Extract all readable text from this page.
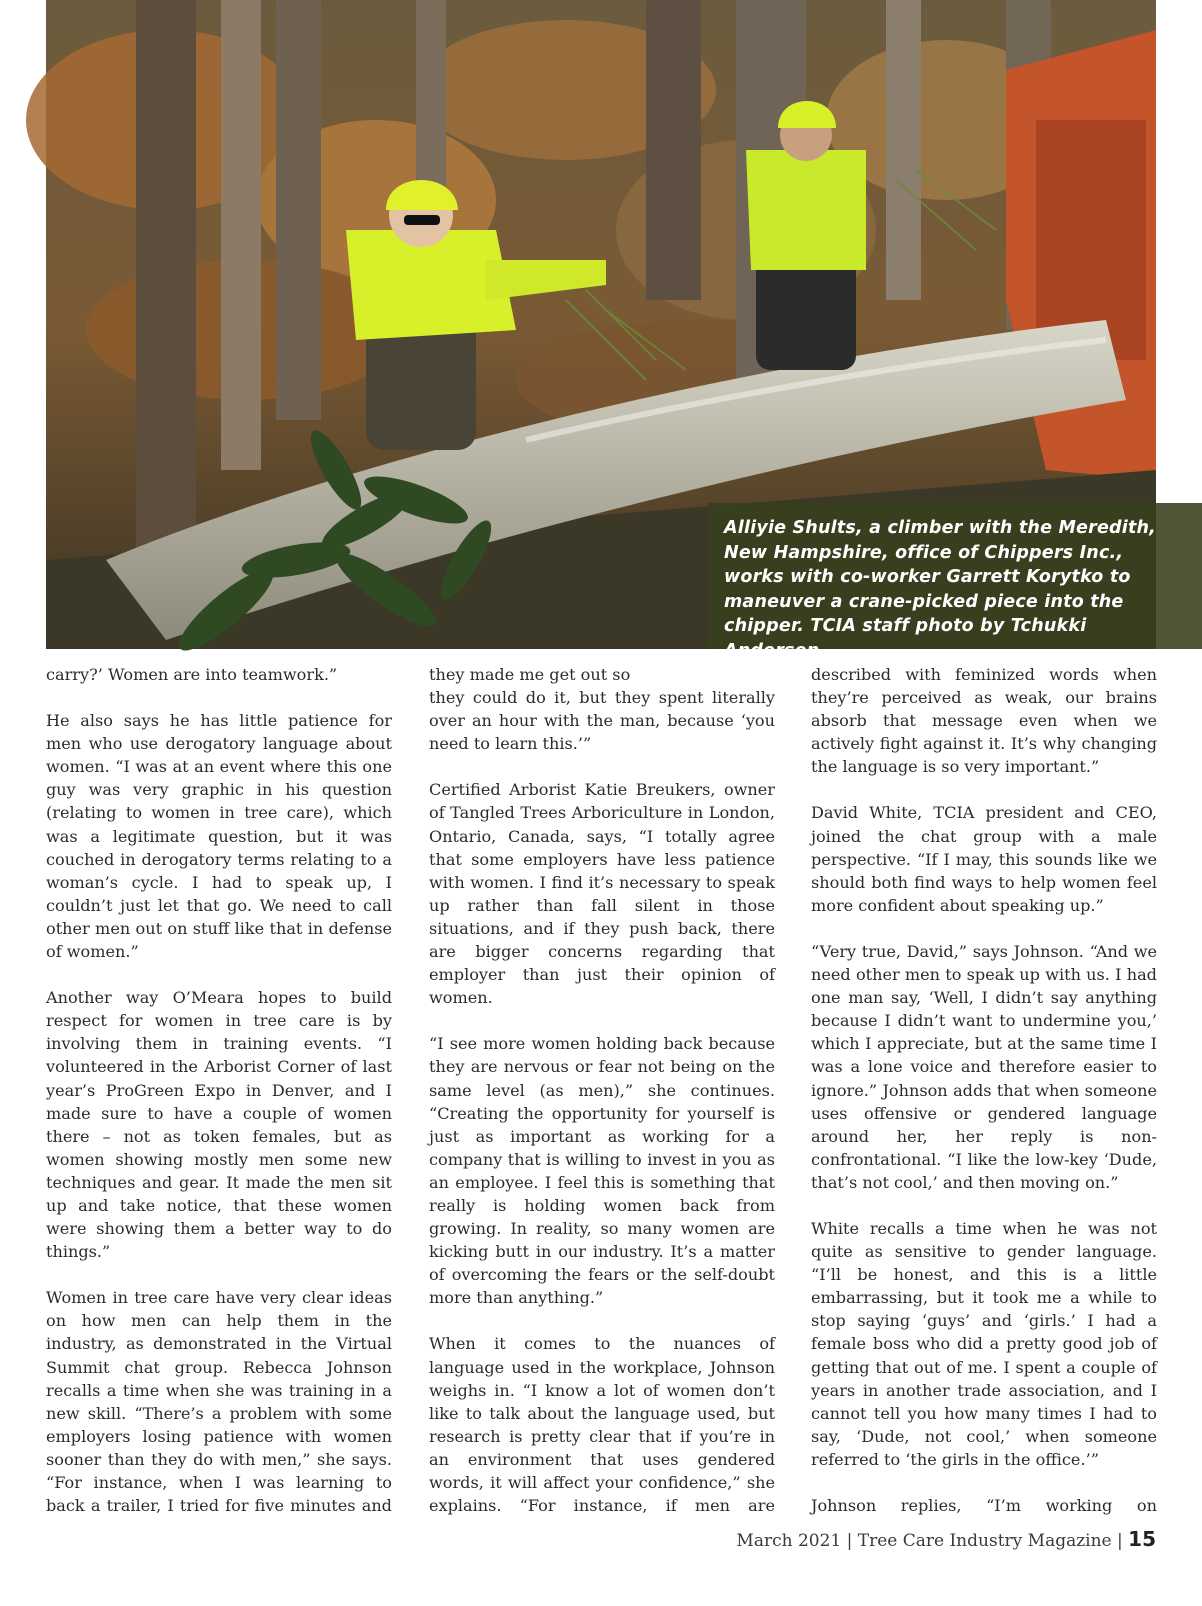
Alliyie Shults, a climber with the Meredith, New Hampshire, office of Chippers Inc., works with co-worker Garrett Korytko to maneuver a crane-picked piece into the chipper. TCIA staff photo by Tchukki Andersen.

carry?’ Women are into teamwork.”

He also says he has little patience for men who use derogatory language about women. “I was at an event where this one guy was very graphic in his question (relating to women in tree care), which was a legitimate question, but it was couched in derogatory terms relating to a woman’s cycle. I had to speak up, I couldn’t just let that go. We need to call other men out on stuff like that in defense of women.”

Another way O’Meara hopes to build respect for women in tree care is by involving them in training events. “I volunteered in the Arborist Corner of last year’s ProGreen Expo in Denver, and I made sure to have a couple of women there – not as token females, but as women showing mostly men some new techniques and gear. It made the men sit up and take notice, that these women were showing them a better way to do things.”

Women in tree care have very clear ideas on how men can help them in the industry, as demonstrated in the Virtual Summit chat group. Rebecca Johnson recalls a time when she was training in a new skill. “There’s a problem with some employers losing patience with women sooner than they do with men,” she says. “For instance, when I was learning to back a trailer, I tried for five minutes and

they made me get out so

they could do it, but they spent literally over an hour with the man, because ‘you need to learn this.’”

Certified Arborist Katie Breukers, owner of Tangled Trees Arboriculture in London, Ontario, Canada, says, “I totally agree that some employers have less patience with women. I find it’s necessary to speak up rather than fall silent in those situations, and if they push back, there are bigger concerns regarding that employer than just their opinion of women.

“I see more women holding back because they are nervous or fear not being on the same level (as men),” she continues. “Creating the opportunity for yourself is just as important as working for a company that is willing to invest in you as an employee. I feel this is something that really is holding women back from growing. In reality, so many women are kicking butt in our industry. It’s a matter of overcoming the fears or the self-doubt more than anything.”

When it comes to the nuances of language used in the workplace, Johnson weighs in. “I know a lot of women don’t like to talk about the language used, but research is pretty clear that if you’re in an environment that uses gendered words, it will affect your confidence,” she explains. “For instance, if men are

described with feminized words when they’re perceived as weak, our brains absorb that message even when we actively fight against it. It’s why changing the language is so very important.”

David White, TCIA president and CEO, joined the chat group with a male perspective. “If I may, this sounds like we should both find ways to help women feel more confident about speaking up.”

“Very true, David,” says Johnson. “And we need other men to speak up with us. I had one man say, ‘Well, I didn’t say anything because I didn’t want to undermine you,’ which I appreciate, but at the same time I was a lone voice and therefore easier to ignore.” Johnson adds that when someone uses offensive or gendered language around her, her reply is non-confrontational. “I like the low-key ‘Dude, that’s not cool,’ and then moving on.”

White recalls a time when he was not quite as sensitive to gender language. “I’ll be honest, and this is a little embarrassing, but it took me a while to stop saying ‘guys’ and ‘girls.’ I had a female boss who did a pretty good job of getting that out of me. I spent a couple of years in another trade association, and I cannot tell you how many times I had to say, ‘Dude, not cool,’ when someone referred to ‘the girls in the office.’”

Johnson replies, “I’m working on

March 2021 | Tree Care Industry Magazine | 15
